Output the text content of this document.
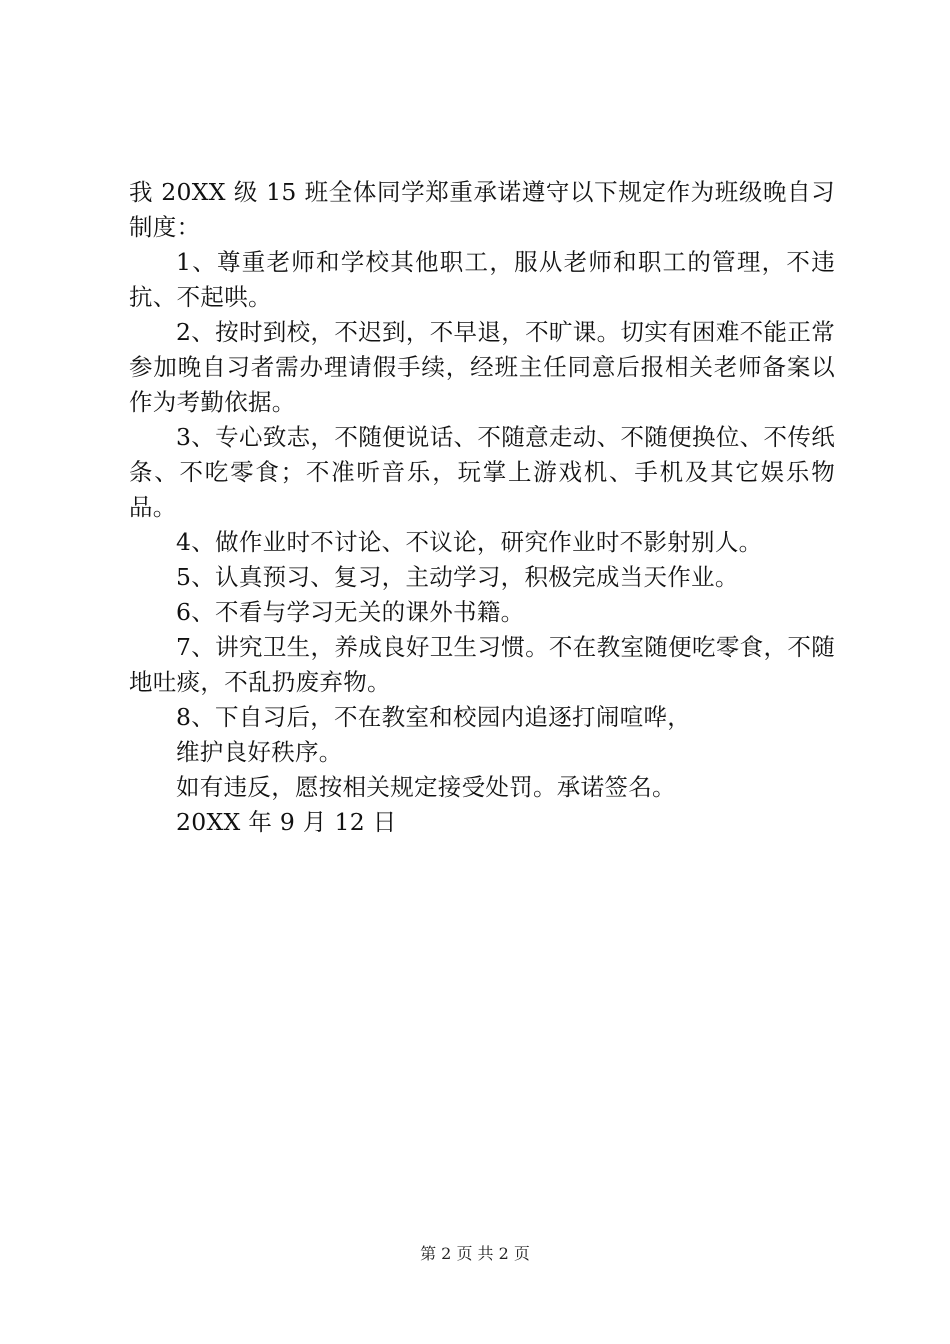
我 20XX 级 15 班全体同学郑重承诺遵守以下规定作为班级晚自习制度：

1、尊重老师和学校其他职工，服从老师和职工的管理，不违抗、不起哄。

2、按时到校，不迟到，不早退，不旷课。切实有困难不能正常参加晚自习者需办理请假手续，经班主任同意后报相关老师备案以作为考勤依据。

3、专心致志，不随便说话、不随意走动、不随便换位、不传纸条、不吃零食；不准听音乐，玩掌上游戏机、手机及其它娱乐物品。

4、做作业时不讨论、不议论，研究作业时不影射别人。

5、认真预习、复习，主动学习，积极完成当天作业。

6、不看与学习无关的课外书籍。

7、讲究卫生，养成良好卫生习惯。不在教室随便吃零食，不随地吐痰，不乱扔废弃物。

8、下自习后，不在教室和校园内追逐打闹喧哗，

维护良好秩序。

如有违反，愿按相关规定接受处罚。承诺签名。

20XX 年 9 月 12 日

第 2 页 共 2 页
